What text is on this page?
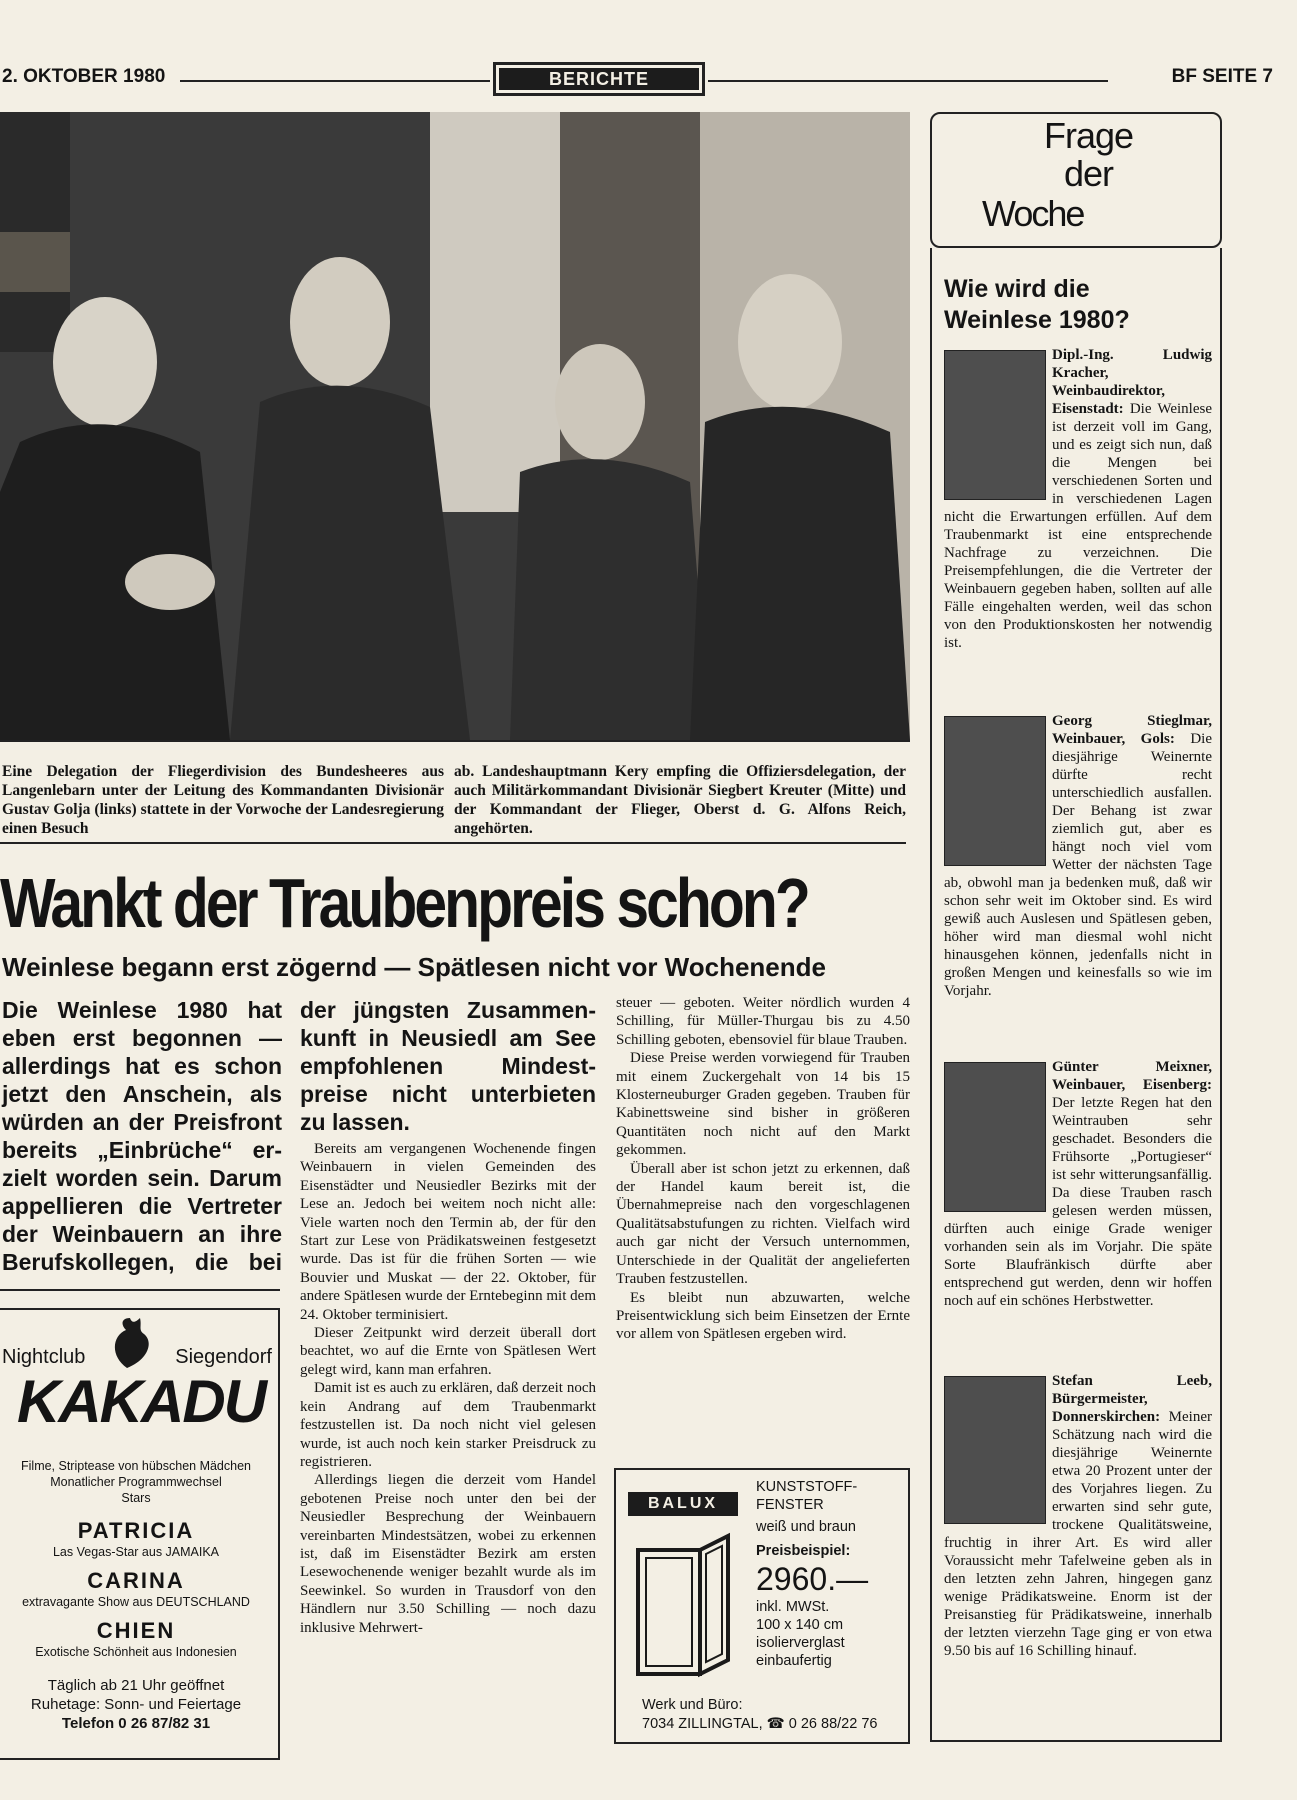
2. OKTOBER 1980	BERICHTE	BF SEITE 7
Eine Delegation der Fliegerdivision des Bundesheeres aus Langenlebarn unter der Leitung des Kommandanten Divisionär Gustav Golja (links) stattete in der Vorwoche der Landesregierung einen Besuch
ab. Landeshauptmann Kery empfing die Offiziersdelegation, der auch Militärkommandant Divisionär Siegbert Kreuter (Mitte) und der Kommandant der Flieger, Oberst d. G. Alfons Reich, angehörten.
Wankt der Traubenpreis schon?
Weinlese begann erst zögernd — Spätlesen nicht vor Wochenende
Die Weinlese 1980 hat
eben erst begonnen —
allerdings hat es schon
jetzt den Anschein, als
würden an der Preisfront
bereits „Einbrüche“ er-
zielt worden sein. Darum
appellieren die Vertreter
der Weinbauern an ihre
Berufskollegen, die bei
der jüngsten Zusammen-
kunft in Neusiedl am See
empfohlenen Mindest-
preise nicht unterbieten
zu lassen.

Bereits am vergangenen Wochenende fingen Weinbauern in vielen Gemeinden des Eisenstädter und Neusiedler Bezirks mit der Lese an. Jedoch bei weitem noch nicht alle: Viele warten noch den Termin ab, der für den Start zur Lese von Prädikatsweinen festgesetzt wurde. Das ist für die frühen Sorten — wie Bouvier und Muskat — der 22. Oktober, für andere Spätlesen wurde der Erntebeginn mit dem 24. Oktober terminisiert.

Dieser Zeitpunkt wird derzeit überall dort beachtet, wo auf die Ernte von Spätlesen Wert gelegt wird, kann man erfahren.

Damit ist es auch zu erklären, daß derzeit noch kein Andrang auf dem Traubenmarkt festzustellen ist. Da noch nicht viel gelesen wurde, ist auch noch kein starker Preisdruck zu registrieren.

Allerdings liegen die derzeit vom Handel gebotenen Preise noch unter den bei der Neusiedler Besprechung der Weinbauern vereinbarten Mindestsätzen, wobei zu erkennen ist, daß im Eisenstädter Bezirk am ersten Lesewochenende weniger bezahlt wurde als im Seewinkel. So wurden in Trausdorf von den Händlern nur 3.50 Schilling — noch dazu inklusive Mehrwert-

steuer — geboten. Weiter nördlich wurden 4 Schilling, für Müller-Thurgau bis zu 4.50 Schilling geboten, ebensoviel für blaue Trauben.

Diese Preise werden vorwiegend für Trauben mit einem Zuckergehalt von 14 bis 15 Klosterneuburger Graden gegeben. Trauben für Kabinettsweine sind bisher in größeren Quantitäten noch nicht auf den Markt gekommen.

Überall aber ist schon jetzt zu erkennen, daß der Handel kaum bereit ist, die Übernahmepreise nach den vorgeschlagenen Qualitätsabstufungen zu richten. Vielfach wird auch gar nicht der Versuch unternommen, Unterschiede in der Qualität der angelieferten Trauben festzustellen.

Es bleibt nun abzuwarten, welche Preisentwicklung sich beim Einsetzen der Ernte vor allem von Spätlesen ergeben wird.

Nightclub	Siegendorf
KAKADU
Filme, Striptease von hübschen Mädchen
Monatlicher Programmwechsel
Stars
PATRICIA
Las Vegas-Star aus JAMAIKA
CARINA
extravagante Show aus DEUTSCHLAND
CHIEN
Exotische Schönheit aus Indonesien
Täglich ab 21 Uhr geöffnet
Ruhetage: Sonn- und Feiertage
Telefon 0 26 87/82 31
BALUX
KUNSTSTOFF-
FENSTER
weiß und braun
Preisbeispiel:
2960.—
inkl. MWSt.
100 x 140 cm
isolierverglast
einbaufertig
Werk und Büro:
7034 ZILLINGTAL, ☎ 0 26 88/22 76
Frage
der
Woche
Wie wird die Weinlese 1980?
Dipl.-Ing. Ludwig Kracher, Weinbaudirektor, Eisenstadt: Die Weinlese ist derzeit voll im Gang, und es zeigt sich nun, daß die Mengen bei verschiedenen Sorten und in verschiedenen Lagen nicht die Erwartungen erfüllen. Auf dem Traubenmarkt ist eine entsprechende Nachfrage zu verzeichnen. Die Preisempfehlungen, die die Vertreter der Weinbauern gegeben haben, sollten auf alle Fälle eingehalten werden, weil das schon von den Produktionskosten her notwendig ist.
Georg Stieglmar, Weinbauer, Gols: Die diesjährige Weinernte dürfte recht unterschiedlich ausfallen. Der Behang ist zwar ziemlich gut, aber es hängt noch viel vom Wetter der nächsten Tage ab, obwohl man ja bedenken muß, daß wir schon sehr weit im Oktober sind. Es wird gewiß auch Auslesen und Spätlesen geben, höher wird man diesmal wohl nicht hinausgehen können, jedenfalls nicht in großen Mengen und keinesfalls so wie im Vorjahr.
Günter Meixner, Weinbauer, Eisenberg: Der letzte Regen hat den Weintrauben sehr geschadet. Besonders die Frühsorte „Portugieser“ ist sehr witterungsanfällig. Da diese Trauben rasch gelesen werden müssen, dürften auch einige Grade weniger vorhanden sein als im Vorjahr. Die späte Sorte Blaufränkisch dürfte aber entsprechend gut werden, denn wir hoffen noch auf ein schönes Herbstwetter.
Stefan Leeb, Bürgermeister, Donnerskirchen: Meiner Schätzung nach wird die diesjährige Weinernte etwa 20 Prozent unter der des Vorjahres liegen. Zu erwarten sind sehr gute, trockene Qualitätsweine, fruchtig in ihrer Art. Es wird aller Voraussicht mehr Tafelweine geben als in den letzten zehn Jahren, hingegen ganz wenige Prädikatsweine. Enorm ist der Preisanstieg für Prädikatsweine, innerhalb der letzten vierzehn Tage ging er von etwa 9.50 bis auf 16 Schilling hinauf.
